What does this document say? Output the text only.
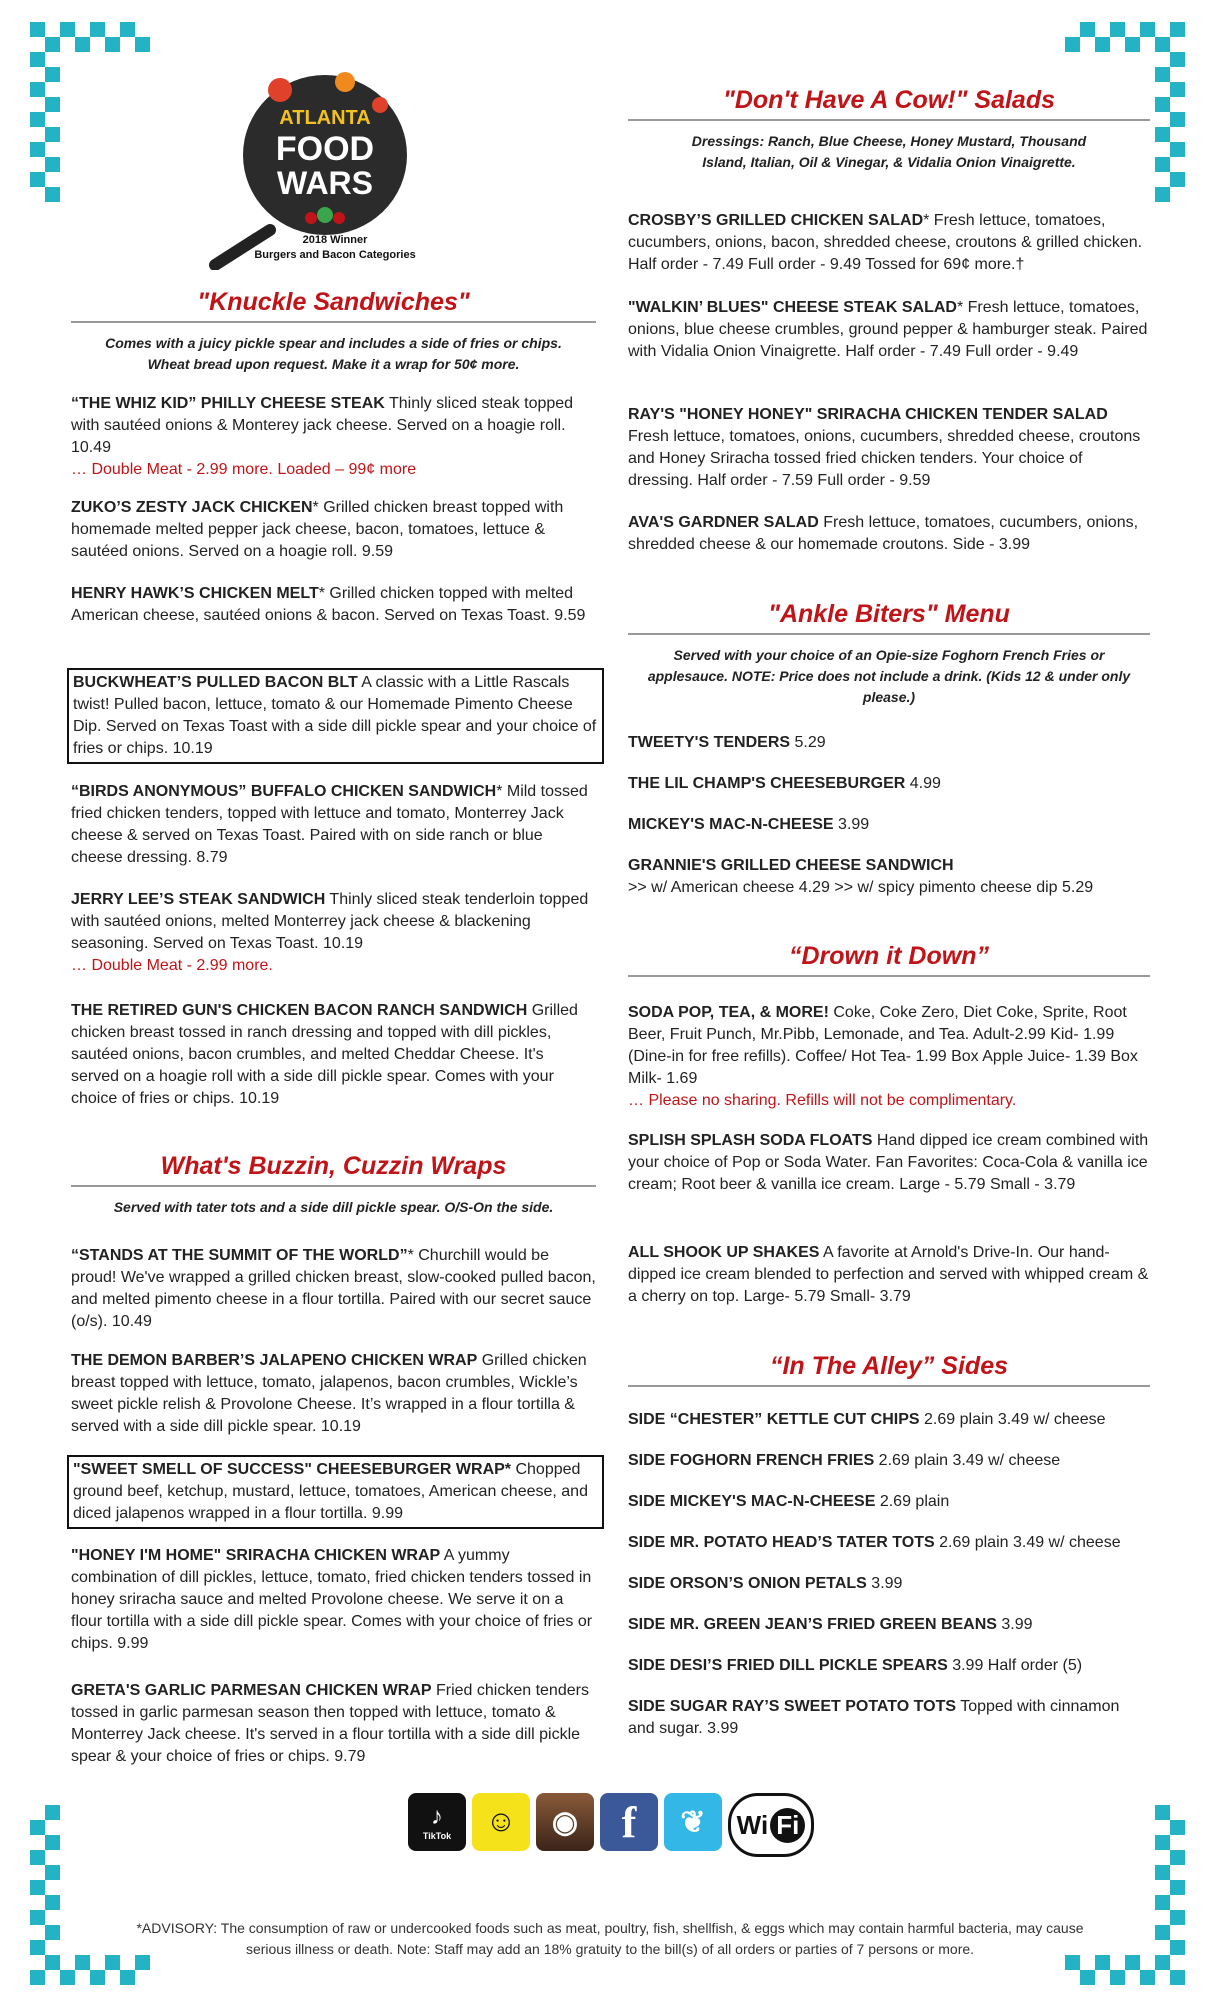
ATLANTA
FOOD
WARS
2018 Winner
Burgers and Bacon Categories

"Knuckle Sandwiches"

Comes with a juicy pickle spear and includes a side of fries or chips. Wheat bread upon request. Make it a wrap for 50¢ more.

“THE WHIZ KID” PHILLY CHEESE STEAK Thinly sliced steak topped with sautéed onions & Monterey jack cheese. Served on a hoagie roll. 10.49
… Double Meat - 2.99 more. Loaded – 99¢ more
ZUKO’S ZESTY JACK CHICKEN* Grilled chicken breast topped with homemade melted pepper jack cheese, bacon, tomatoes, lettuce & sautéed onions. Served on a hoagie roll. 9.59
HENRY HAWK’S CHICKEN MELT* Grilled chicken topped with melted American cheese, sautéed onions & bacon. Served on Texas Toast. 9.59
BUCKWHEAT’S PULLED BACON BLT A classic with a Little Rascals twist! Pulled bacon, lettuce, tomato & our Homemade Pimento Cheese Dip. Served on Texas Toast with a side dill pickle spear and your choice of fries or chips. 10.19
“BIRDS ANONYMOUS” BUFFALO CHICKEN SANDWICH* Mild tossed fried chicken tenders, topped with lettuce and tomato, Monterrey Jack cheese & served on Texas Toast. Paired with on side ranch or blue cheese dressing. 8.79
JERRY LEE’S STEAK SANDWICH Thinly sliced steak tenderloin topped with sautéed onions, melted Monterrey jack cheese & blackening seasoning. Served on Texas Toast. 10.19
… Double Meat - 2.99 more.
THE RETIRED GUN'S CHICKEN BACON RANCH SANDWICH Grilled chicken breast tossed in ranch dressing and topped with dill pickles, sautéed onions, bacon crumbles, and melted Cheddar Cheese. It's served on a hoagie roll with a side dill pickle spear. Comes with your choice of fries or chips. 10.19

What's Buzzin, Cuzzin Wraps

Served with tater tots and a side dill pickle spear. O/S-On the side.

“STANDS AT THE SUMMIT OF THE WORLD”* Churchill would be proud! We've wrapped a grilled chicken breast, slow-cooked pulled bacon, and melted pimento cheese in a flour tortilla. Paired with our secret sauce (o/s). 10.49
THE DEMON BARBER’S JALAPENO CHICKEN WRAP Grilled chicken breast topped with lettuce, tomato, jalapenos, bacon crumbles, Wickle’s sweet pickle relish & Provolone Cheese. It’s wrapped in a flour tortilla & served with a side dill pickle spear. 10.19
"SWEET SMELL OF SUCCESS" CHEESEBURGER WRAP* Chopped ground beef, ketchup, mustard, lettuce, tomatoes, American cheese, and diced jalapenos wrapped in a flour tortilla. 9.99
"HONEY I'M HOME" SRIRACHA CHICKEN WRAP A yummy combination of dill pickles, lettuce, tomato, fried chicken tenders tossed in honey sriracha sauce and melted Provolone cheese. We serve it on a flour tortilla with a side dill pickle spear. Comes with your choice of fries or chips. 9.99
GRETA'S GARLIC PARMESAN CHICKEN WRAP Fried chicken tenders tossed in garlic parmesan season then topped with lettuce, tomato & Monterrey Jack cheese. It's served in a flour tortilla with a side dill pickle spear & your choice of fries or chips. 9.79

"Don't Have A Cow!" Salads

Dressings: Ranch, Blue Cheese, Honey Mustard, Thousand Island, Italian, Oil & Vinegar, & Vidalia Onion Vinaigrette.

CROSBY’S GRILLED CHICKEN SALAD* Fresh lettuce, tomatoes, cucumbers, onions, bacon, shredded cheese, croutons & grilled chicken. Half order - 7.49 Full order - 9.49 Tossed for 69¢ more.†
"WALKIN’ BLUES" CHEESE STEAK SALAD* Fresh lettuce, tomatoes, onions, blue cheese crumbles, ground pepper & hamburger steak. Paired with Vidalia Onion Vinaigrette. Half order - 7.49 Full order - 9.49
RAY'S "HONEY HONEY" SRIRACHA CHICKEN TENDER SALAD Fresh lettuce, tomatoes, onions, cucumbers, shredded cheese, croutons and Honey Sriracha tossed fried chicken tenders. Your choice of dressing. Half order - 7.59 Full order - 9.59
AVA'S GARDNER SALAD Fresh lettuce, tomatoes, cucumbers, onions, shredded cheese & our homemade croutons. Side - 3.99

"Ankle Biters" Menu

Served with your choice of an Opie-size Foghorn French Fries or applesauce. NOTE: Price does not include a drink. (Kids 12 & under only please.)

TWEETY'S TENDERS 5.29
THE LIL CHAMP'S CHEESEBURGER 4.99
MICKEY'S MAC-N-CHEESE 3.99
GRANNIE'S GRILLED CHEESE SANDWICH
>> w/ American cheese 4.29 >> w/ spicy pimento cheese dip 5.29

“Drown it Down”

SODA POP, TEA, & MORE! Coke, Coke Zero, Diet Coke, Sprite, Root Beer, Fruit Punch, Mr.Pibb, Lemonade, and Tea. Adult-2.99 Kid- 1.99 (Dine-in for free refills). Coffee/ Hot Tea- 1.99 Box Apple Juice- 1.39 Box Milk- 1.69
… Please no sharing. Refills will not be complimentary.
SPLISH SPLASH SODA FLOATS Hand dipped ice cream combined with your choice of Pop or Soda Water. Fan Favorites: Coca-Cola & vanilla ice cream; Root beer & vanilla ice cream. Large - 5.79 Small - 3.79
ALL SHOOK UP SHAKES A favorite at Arnold's Drive-In. Our hand-dipped ice cream blended to perfection and served with whipped cream & a cherry on top. Large- 5.79 Small- 3.79

“In The Alley” Sides

SIDE “CHESTER” KETTLE CUT CHIPS 2.69 plain 3.49 w/ cheese
SIDE FOGHORN FRENCH FRIES 2.69 plain 3.49 w/ cheese
SIDE MICKEY'S MAC-N-CHEESE 2.69 plain
SIDE MR. POTATO HEAD’S TATER TOTS 2.69 plain 3.49 w/ cheese
SIDE ORSON’S ONION PETALS 3.99
SIDE MR. GREEN JEAN’S FRIED GREEN BEANS 3.99
SIDE DESI’S FRIED DILL PICKLE SPEARS 3.99 Half order (5)
SIDE SUGAR RAY’S SWEET POTATO TOTS Topped with cinnamon and sugar. 3.99
♪
TikTok	☺	◉ f	❦	Wi Fi
*ADVISORY: The consumption of raw or undercooked foods such as meat, poultry, fish, shellfish, & eggs which may contain harmful bacteria, may cause serious illness or death. Note: Staff may add an 18% gratuity to the bill(s) of all orders or parties of 7 persons or more.
